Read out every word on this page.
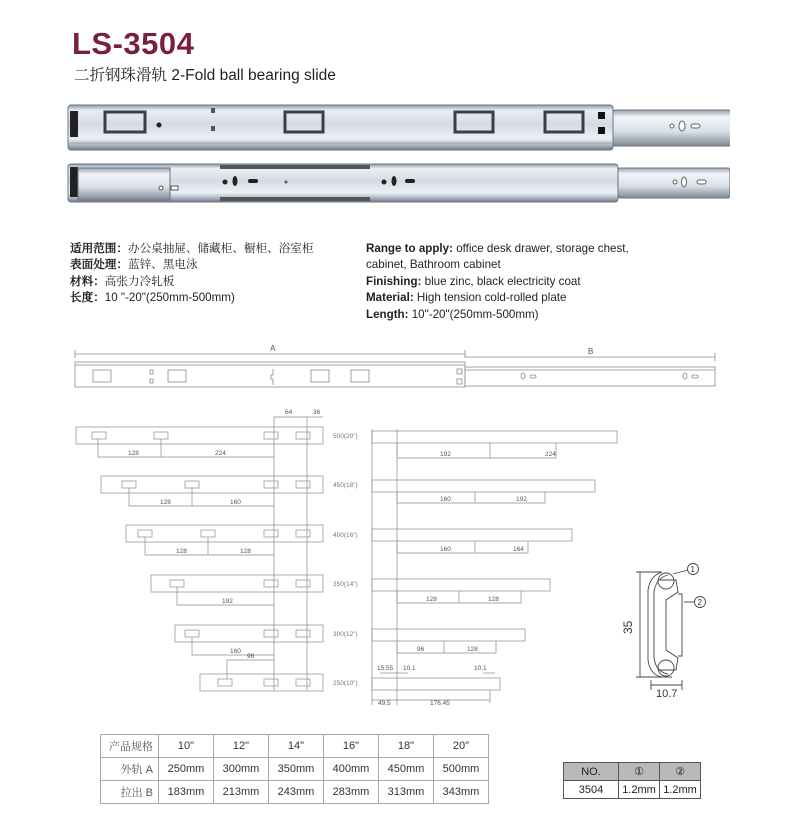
LS-3504
二折钢珠滑轨 2-Fold ball bearing slide
适用范围：办公桌抽屉、储藏柜、橱柜、浴室柜
表面处理：蓝锌、黑电泳
材料：高张力冷轧板
长度：10 "-20"(250mm-500mm)
Range to apply: office desk drawer, storage chest,
cabinet, Bathroom cabinet
Finishing: blue zinc, black electricity coat
Material: High tension cold-rolled plate
Length: 10"-20"(250mm-500mm)
A	B
64	36
128	224
128	160
128	128
192
160
96
500(20")
450(18")
400(16")
350(14")
300(12")
250(10")
192	224
160	192
160	164
128	128
96	128
15.55 10.1	10.1
49.5	176.45
35
10.7
1
2
产品规格	10"	12"	14"	16"	18"	20"
外轨 A	250mm	300mm	350mm	400mm	450mm	500mm
拉出 B	183mm	213mm	243mm	283mm	313mm	343mm
NO.	①	②
3504	1.2mm	1.2mm
